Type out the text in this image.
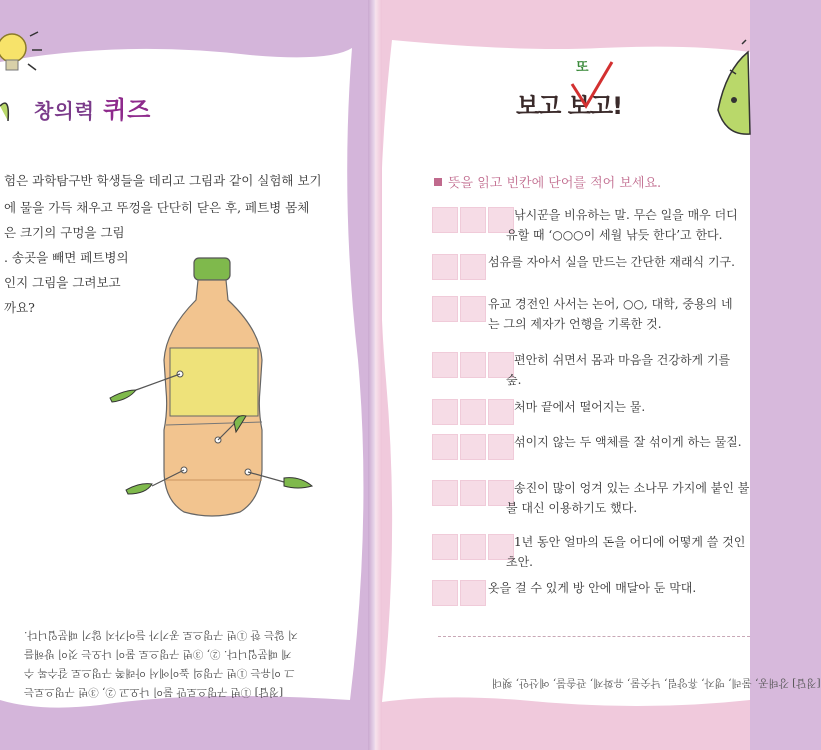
창의력 퀴즈
험은 과학탐구반 학생들을 데리고 그림과 같이 실험해 보기
에 물을 가득 채우고 뚜껑을 단단히 닫은 후, 페트병 몸체
은 크기의 구멍을 그림
. 송곳을 빼면 페트병의
인지 그림을 그려보고
까요?
지 않는 한 ①번 구멍으로 공기가 들어가지 않기 때문입니다.
게 때문입니다. ②, ③번 구멍으로 물이 나오는 것이 방해를
그 이유는 ①번 구멍의 높이에서 아래쪽 구멍으로 갈수록 수
[정답] ①번 구멍으로만 물이 나오고 ②, ③번 구멍으로는
보고 보고!
또
뜻을 읽고 빈칸에 단어를 적어 보세요.
낚시꾼을 비유하는 말. 무슨 일을 매우 더디
유할 때 ‘○○○이 세월 낚듯 한다’고 한다.
섬유를 자아서 실을 만드는 간단한 재래식 기구.
유교 경전인 사서는 논어, ○○, 대학, 중용의 네
는 그의 제자가 언행을 기록한 것.
편안히 쉬면서 몸과 마음을 건강하게 기를
숲.
처마 끝에서 떨어지는 물.
섞이지 않는 두 액체를 잘 섞이게 하는 물질.
송진이 많이 엉겨 있는 소나무 가지에 붙인 불
불 대신 이용하기도 했다.
1년 동안 얼마의 돈을 어디에 어떻게 쓸 것인
초안.
옷을 걸 수 있게 방 안에 매달아 둔 막대.
[정답] 강태공, 물레, 맹자, 휴양림, 낙숫물, 유화제, 관솔불, 예산안, 횃대
